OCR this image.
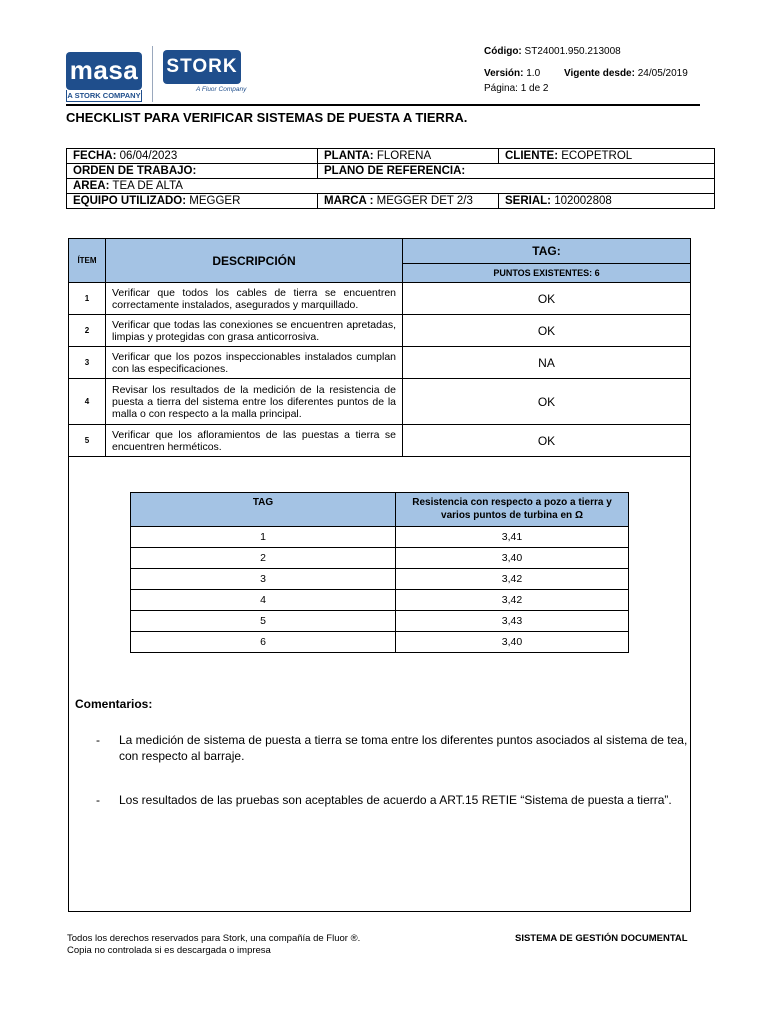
masa
A STORK COMPANY
STORK
A Fluor Company
Código: ST24001.950.213008
Versión: 1.0 Vigente desde: 24/05/2019
Página: 1 de 2
CHECKLIST PARA VERIFICAR SISTEMAS DE PUESTA A TIERRA.
FECHA: 06/04/2023	PLANTA: FLORENA	CLIENTE: ECOPETROL
ORDEN DE TRABAJO:	PLANO DE REFERENCIA:	
AREA: TEA DE ALTA		
EQUIPO UTILIZADO: MEGGER	MARCA : MEGGER DET 2/3	SERIAL: 102002808
ÍTEM	DESCRIPCIÓN	TAG:
		PUNTOS EXISTENTES: 6
1	Verificar que todos los cables de tierra se encuentren correctamente instalados, asegurados y marquillado.	OK
2	Verificar que todas las conexiones se encuentren apretadas, limpias y protegidas con grasa anticorrosiva.	OK
3	Verificar que los pozos inspeccionables instalados cumplan con las especificaciones.	NA
4	Revisar los resultados de la medición de la resistencia de puesta a tierra del sistema entre los diferentes puntos de la malla o con respecto a la malla principal.	OK
5	Verificar que los afloramientos de las puestas a tierra se encuentren herméticos.	OK
TAG	Resistencia con respecto a pozo a tierra y varios puntos de turbina en Ω
1	3,41
2	3,40
3	3,42
4	3,42
5	3,43
6	3,40
Comentarios:
-	La medición de sistema de puesta a tierra se toma entre los diferentes puntos asociados al sistema de tea, con respecto al barraje.
-	Los resultados de las pruebas son aceptables de acuerdo a ART.15 RETIE “Sistema de puesta a tierra”.
Todos los derechos reservados para Stork, una compañía de Fluor ®.
Copia no controlada si es descargada o impresa
SISTEMA DE GESTIÓN DOCUMENTAL
